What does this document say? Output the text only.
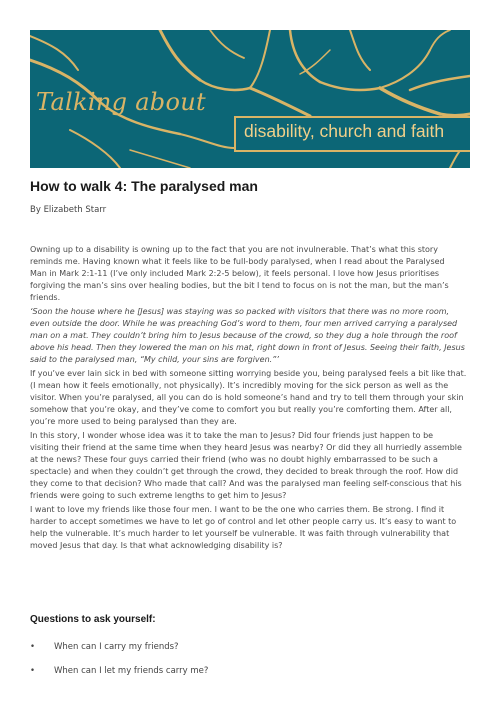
Talking about
disability, church and faith
How to walk 4: The paralysed man
By Elizabeth Starr
Owning up to a disability is owning up to the fact that you are not invulnerable. That’s what this story
reminds me. Having known what it feels like to be full-body paralysed, when I read about the Paralysed
Man in Mark 2:1-11 (I’ve only included Mark 2:2-5 below), it feels personal. I love how Jesus prioritises
forgiving the man’s sins over healing bodies, but the bit I tend to focus on is not the man, but the man’s
friends.
‘Soon the house where he [Jesus] was staying was so packed with visitors that there was no more room,
even outside the door. While he was preaching God’s word to them, four men arrived carrying a paralysed
man on a mat. They couldn’t bring him to Jesus because of the crowd, so they dug a hole through the roof
above his head. Then they lowered the man on his mat, right down in front of Jesus. Seeing their faith, Jesus
said to the paralysed man, “My child, your sins are forgiven.”’
If you’ve ever lain sick in bed with someone sitting worrying beside you, being paralysed feels a bit like that.
(I mean how it feels emotionally, not physically). It’s incredibly moving for the sick person as well as the
visitor. When you’re paralysed, all you can do is hold someone’s hand and try to tell them through your skin
somehow that you’re okay, and they’ve come to comfort you but really you’re comforting them. After all,
you’re more used to being paralysed than they are.
In this story, I wonder whose idea was it to take the man to Jesus? Did four friends just happen to be
visiting their friend at the same time when they heard Jesus was nearby? Or did they all hurriedly assemble
at the news? These four guys carried their friend (who was no doubt highly embarrassed to be such a
spectacle) and when they couldn’t get through the crowd, they decided to break through the roof. How did
they come to that decision? Who made that call? And was the paralysed man feeling self-conscious that his
friends were going to such extreme lengths to get him to Jesus?
I want to love my friends like those four men. I want to be the one who carries them. Be strong. I find it
harder to accept sometimes we have to let go of control and let other people carry us. It’s easy to want to
help the vulnerable. It’s much harder to let yourself be vulnerable. It was faith through vulnerability that
moved Jesus that day. Is that what acknowledging disability is?
Questions to ask yourself:
• When can I carry my friends?
• When can I let my friends carry me?
